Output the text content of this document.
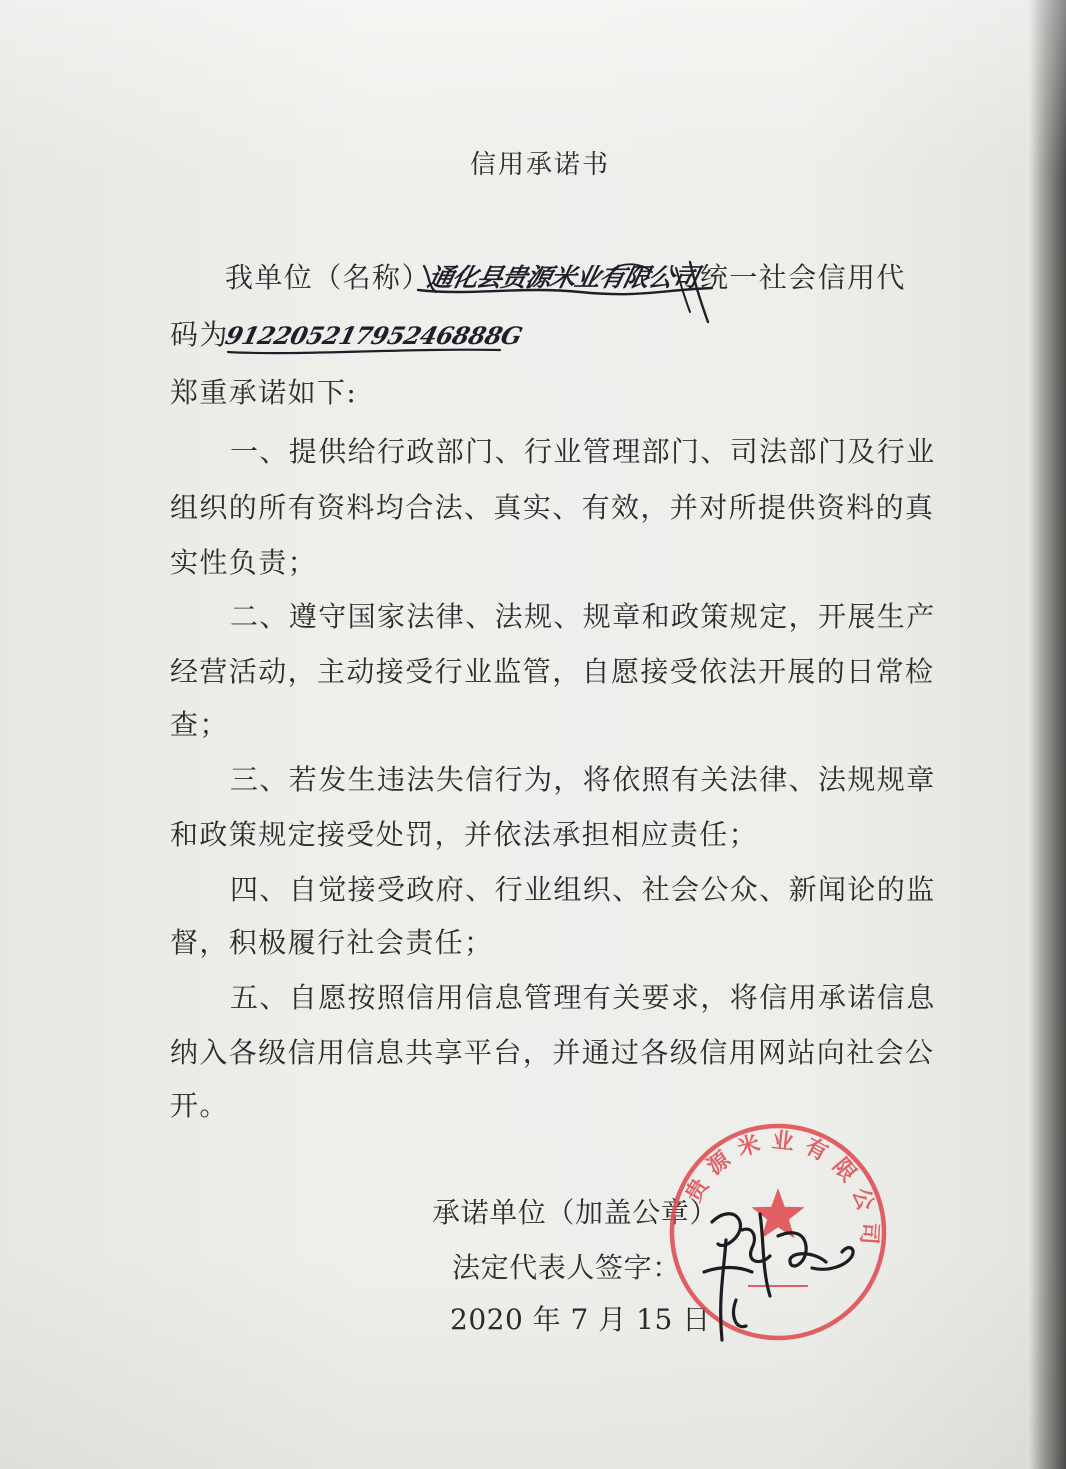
信用承诺书
我单位（名称）
通化县贵源米业有限公司 统一社会信用代
码为
91220521795246888G
郑重承诺如下:
一、提供给行政部门、行业管理部门、司法部门及行业
组织的所有资料均合法、真实、有效，并对所提供资料的真
实性负责；
二、遵守国家法律、法规、规章和政策规定，开展生产
经营活动，主动接受行业监管，自愿接受依法开展的日常检
查；
三、若发生违法失信行为，将依照有关法律、法规规章
和政策规定接受处罚，并依法承担相应责任；
四、自觉接受政府、行业组织、社会公众、新闻论的监
督，积极履行社会责任；
五、自愿按照信用信息管理有关要求，将信用承诺信息
纳入各级信用信息共享平台，并通过各级信用网站向社会公
开。
承诺单位（加盖公章）
法定代表人签字：
2020 年 7 月 15 日
贵源米业有限公司
